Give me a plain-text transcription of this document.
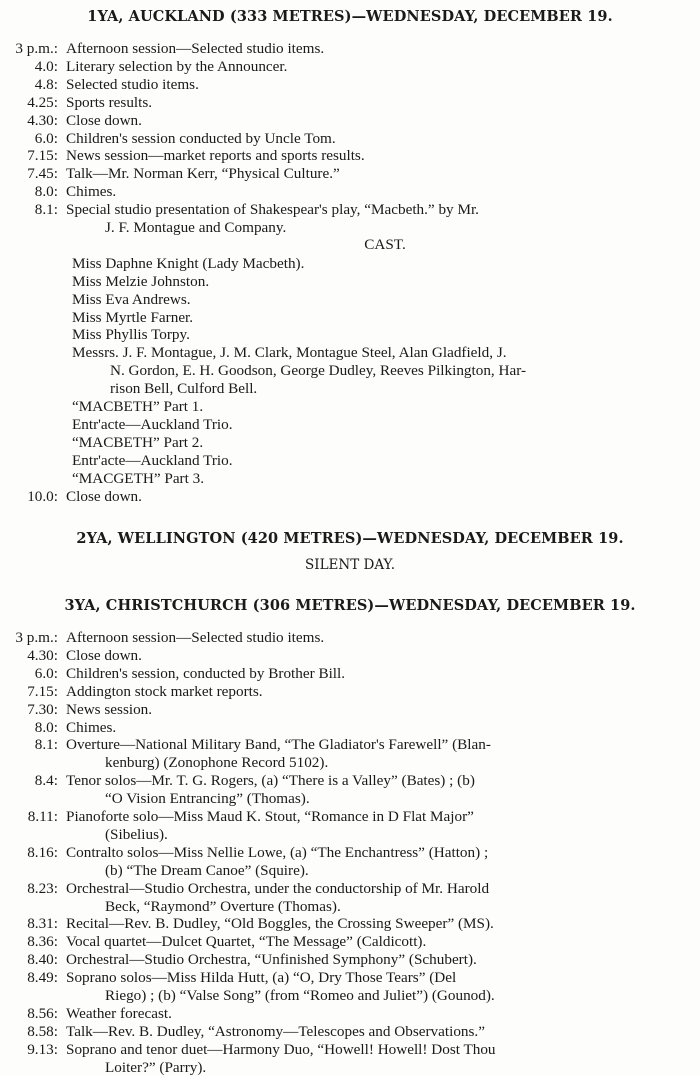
1YA, AUCKLAND (333 METRES)—WEDNESDAY, DECEMBER 19.
3 p.m.: Afternoon session—Selected studio items.
4.0: Literary selection by the Announcer.
4.8: Selected studio items.
4.25: Sports results.
4.30: Close down.
6.0: Children's session conducted by Uncle Tom.
7.15: News session—market reports and sports results.
7.45: Talk—Mr. Norman Kerr, “Physical Culture.”
8.0: Chimes.
8.1: Special studio presentation of Shakespear's play, “Macbeth.” by Mr.
J. F. Montague and Company.
CAST.
Miss Daphne Knight (Lady Macbeth).
Miss Melzie Johnston.
Miss Eva Andrews.
Miss Myrtle Farner.
Miss Phyllis Torpy.
Messrs. J. F. Montague, J. M. Clark, Montague Steel, Alan Gladfield, J.
N. Gordon, E. H. Goodson, George Dudley, Reeves Pilkington, Har-
rison Bell, Culford Bell.
“MACBETH” Part 1.
Entr'acte—Auckland Trio.
“MACBETH” Part 2.
Entr'acte—Auckland Trio.
“MACGETH” Part 3.
10.0: Close down.
2YA, WELLINGTON (420 METRES)—WEDNESDAY, DECEMBER 19.
SILENT DAY.
3YA, CHRISTCHURCH (306 METRES)—WEDNESDAY, DECEMBER 19.
3 p.m.: Afternoon session—Selected studio items.
4.30: Close down.
6.0: Children's session, conducted by Brother Bill.
7.15: Addington stock market reports.
7.30: News session.
8.0: Chimes.
8.1: Overture—National Military Band, “The Gladiator's Farewell” (Blan-
kenburg) (Zonophone Record 5102).
8.4: Tenor solos—Mr. T. G. Rogers, (a) “There is a Valley” (Bates) ; (b)
“O Vision Entrancing” (Thomas).
8.11: Pianoforte solo—Miss Maud K. Stout, “Romance in D Flat Major”
(Sibelius).
8.16: Contralto solos—Miss Nellie Lowe, (a) “The Enchantress” (Hatton) ;
(b) “The Dream Canoe” (Squire).
8.23: Orchestral—Studio Orchestra, under the conductorship of Mr. Harold
Beck, “Raymond” Overture (Thomas).
8.31: Recital—Rev. B. Dudley, “Old Boggles, the Crossing Sweeper” (MS).
8.36: Vocal quartet—Dulcet Quartet, “The Message” (Caldicott).
8.40: Orchestral—Studio Orchestra, “Unfinished Symphony” (Schubert).
8.49: Soprano solos—Miss Hilda Hutt, (a) “O, Dry Those Tears” (Del
Riego) ; (b) “Valse Song” (from “Romeo and Juliet”) (Gounod).
8.56: Weather forecast.
8.58: Talk—Rev. B. Dudley, “Astronomy—Telescopes and Observations.”
9.13: Soprano and tenor duet—Harmony Duo, “Howell! Howell! Dost Thou
Loiter?” (Parry).
